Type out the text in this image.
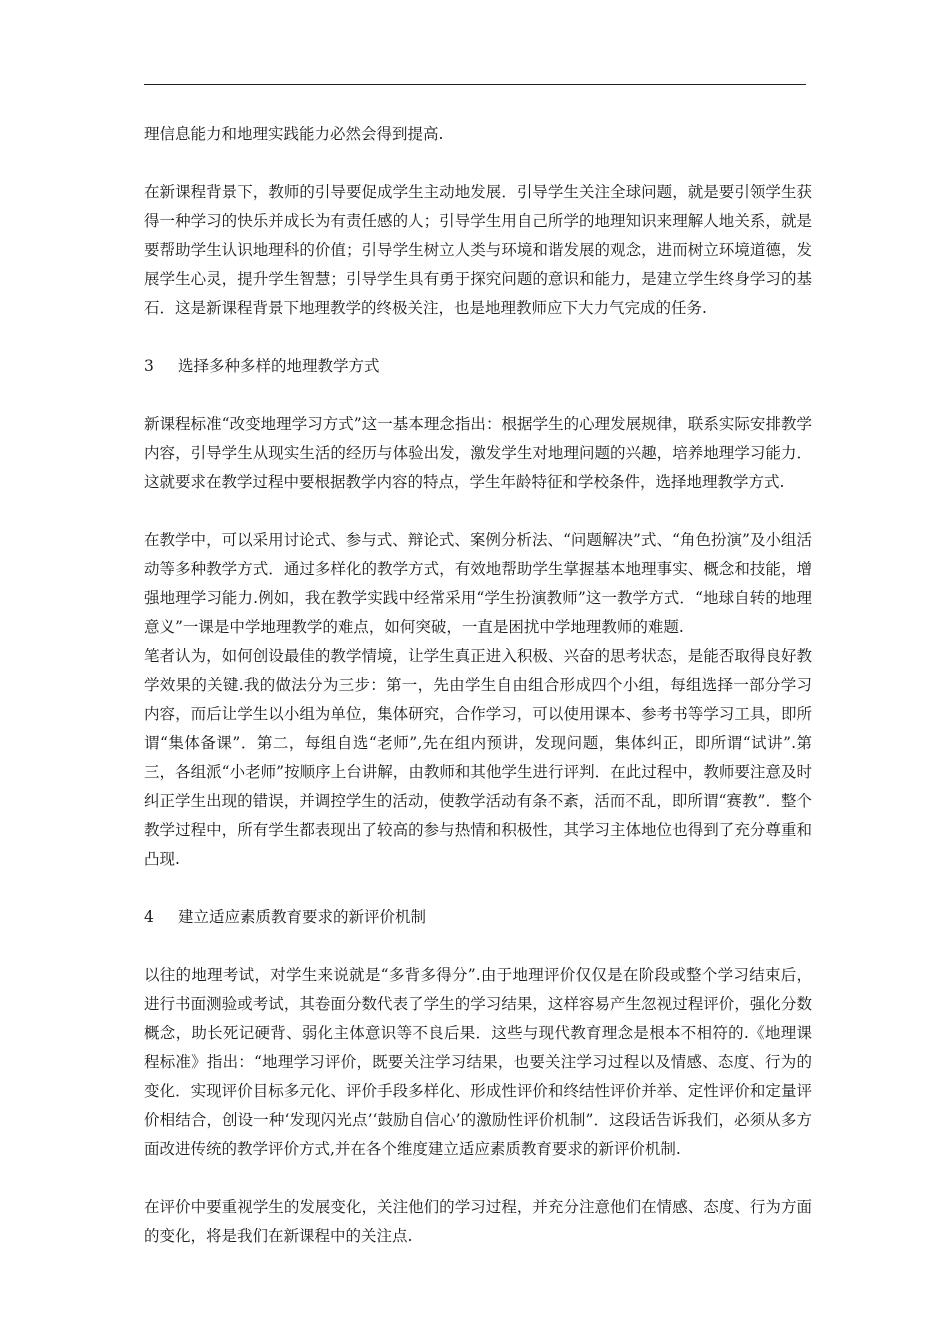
理信息能力和地理实践能力必然会得到提高.

在新课程背景下，教师的引导要促成学生主动地发展．引导学生关注全球问题，就是要引领学生获得一种学习的快乐并成长为有责任感的人；引导学生用自己所学的地理知识来理解人地关系，就是要帮助学生认识地理科的价值；引导学生树立人类与环境和谐发展的观念，进而树立环境道德，发展学生心灵，提升学生智慧；引导学生具有勇于探究问题的意识和能力，是建立学生终身学习的基石．这是新课程背景下地理教学的终极关注，也是地理教师应下大力气完成的任务.

3 选择多种多样的地理教学方式

新课程标准“改变地理学习方式”这一基本理念指出：根据学生的心理发展规律，联系实际安排教学内容，引导学生从现实生活的经历与体验出发，激发学生对地理问题的兴趣，培养地理学习能力．这就要求在教学过程中要根据教学内容的特点，学生年龄特征和学校条件，选择地理教学方式.

在教学中，可以采用讨论式、参与式、辩论式、案例分析法、“问题解决”式、“角色扮演”及小组活动等多种教学方式．通过多样化的教学方式，有效地帮助学生掌握基本地理事实、概念和技能，增强地理学习能力.例如，我在教学实践中经常采用“学生扮演教师”这一教学方式．“地球自转的地理意义”一课是中学地理教学的难点，如何突破，一直是困扰中学地理教师的难题.

笔者认为，如何创设最佳的教学情境，让学生真正进入积极、兴奋的思考状态，是能否取得良好教学效果的关键.我的做法分为三步：第一，先由学生自由组合形成四个小组，每组选择一部分学习内容，而后让学生以小组为单位，集体研究，合作学习，可以使用课本、参考书等学习工具，即所谓“集体备课”．第二，每组自选“老师”,先在组内预讲，发现问题，集体纠正，即所谓“试讲”.第三，各组派“小老师”按顺序上台讲解，由教师和其他学生进行评判．在此过程中，教师要注意及时纠正学生出现的错误，并调控学生的活动，使教学活动有条不紊，活而不乱，即所谓“赛教”．整个教学过程中，所有学生都表现出了较高的参与热情和积极性，其学习主体地位也得到了充分尊重和凸现.

4 建立适应素质教育要求的新评价机制

以往的地理考试，对学生来说就是“多背多得分”.由于地理评价仅仅是在阶段或整个学习结束后，进行书面测验或考试，其卷面分数代表了学生的学习结果，这样容易产生忽视过程评价，强化分数概念，助长死记硬背、弱化主体意识等不良后果．这些与现代教育理念是根本不相符的.《地理课程标准》指出：“地理学习评价，既要关注学习结果，也要关注学习过程以及情感、态度、行为的变化．实现评价目标多元化、评价手段多样化、形成性评价和终结性评价并举、定性评价和定量评价相结合，创设一种‘发现闪光点’‘鼓励自信心’的激励性评价机制”．这段话告诉我们，必须从多方面改进传统的教学评价方式,并在各个维度建立适应素质教育要求的新评价机制.

在评价中要重视学生的发展变化，关注他们的学习过程，并充分注意他们在情感、态度、行为方面的变化，将是我们在新课程中的关注点.
